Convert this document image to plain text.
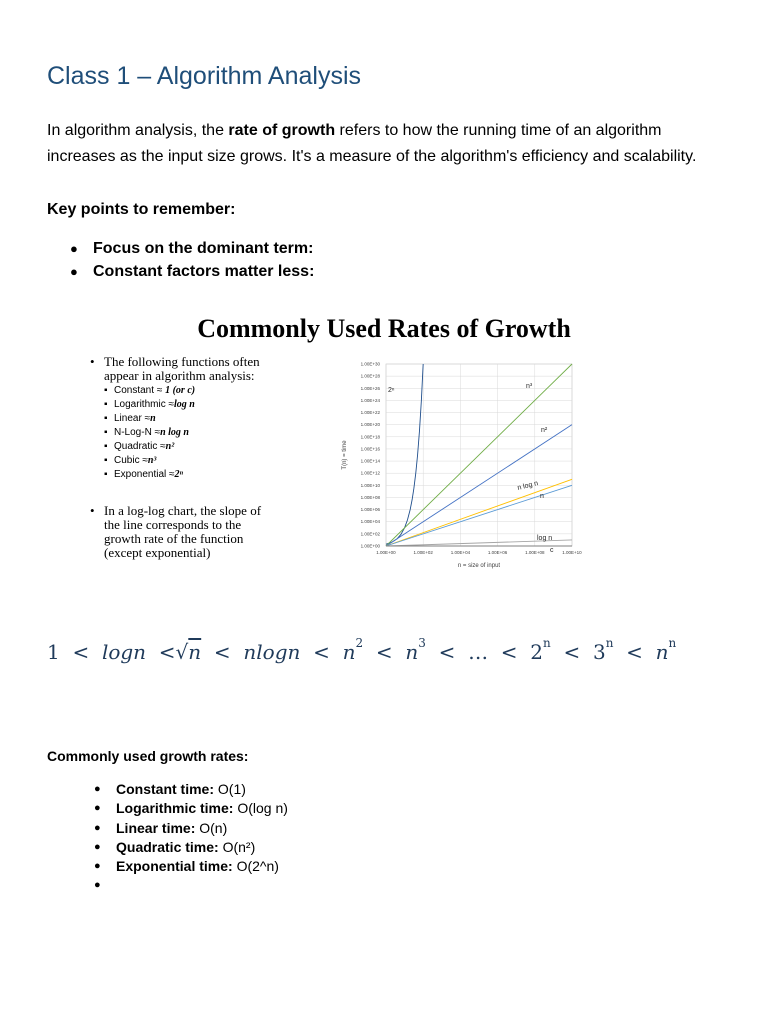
Class 1 – Algorithm Analysis

In algorithm analysis, the rate of growth refers to how the running time of an algorithm increases as the input size grows. It's a measure of the algorithm's efficiency and scalability.

Key points to remember:

● Focus on the dominant term:
● Constant factors matter less:
Commonly Used Rates of Growth
• The following functions often
appear in algorithm analysis:
▪ Constant ≈ 1 (or c)
▪ Logarithmic ≈log n
▪ Linear ≈n
▪ N-Log-N ≈n log n
▪ Quadratic ≈n²
▪ Cubic ≈n³
▪ Exponential ≈2ⁿ
• In a log-log chart, the slope of
the line corresponds to the
growth rate of the function
(except exponential)	1.00E+00	1.00E+02	1.00E+04	1.00E+06	1.00E+08	1.00E+10
1.00E+00
1.00E+02
1.00E+04
1.00E+06
1.00E+08
1.00E+10
1.00E+12
1.00E+14
1.00E+16
1.00E+18
1.00E+20
1.00E+22
1.00E+24
1.00E+26
1.00E+28
1.00E+30
n = size of input
T(n) = time
2ⁿ
n³
n²
n log n
n
log n
c
$1 < \log n <√n < nlogn < n^2 < n^3$ < … < $2^n < 3^n < n^n$

Commonly used growth rates:

● Constant time: O(1)
● Logarithmic time: O(log n)
● Linear time: O(n)
● Quadratic time: O(n²)
● Exponential time: O(2^n)
●
